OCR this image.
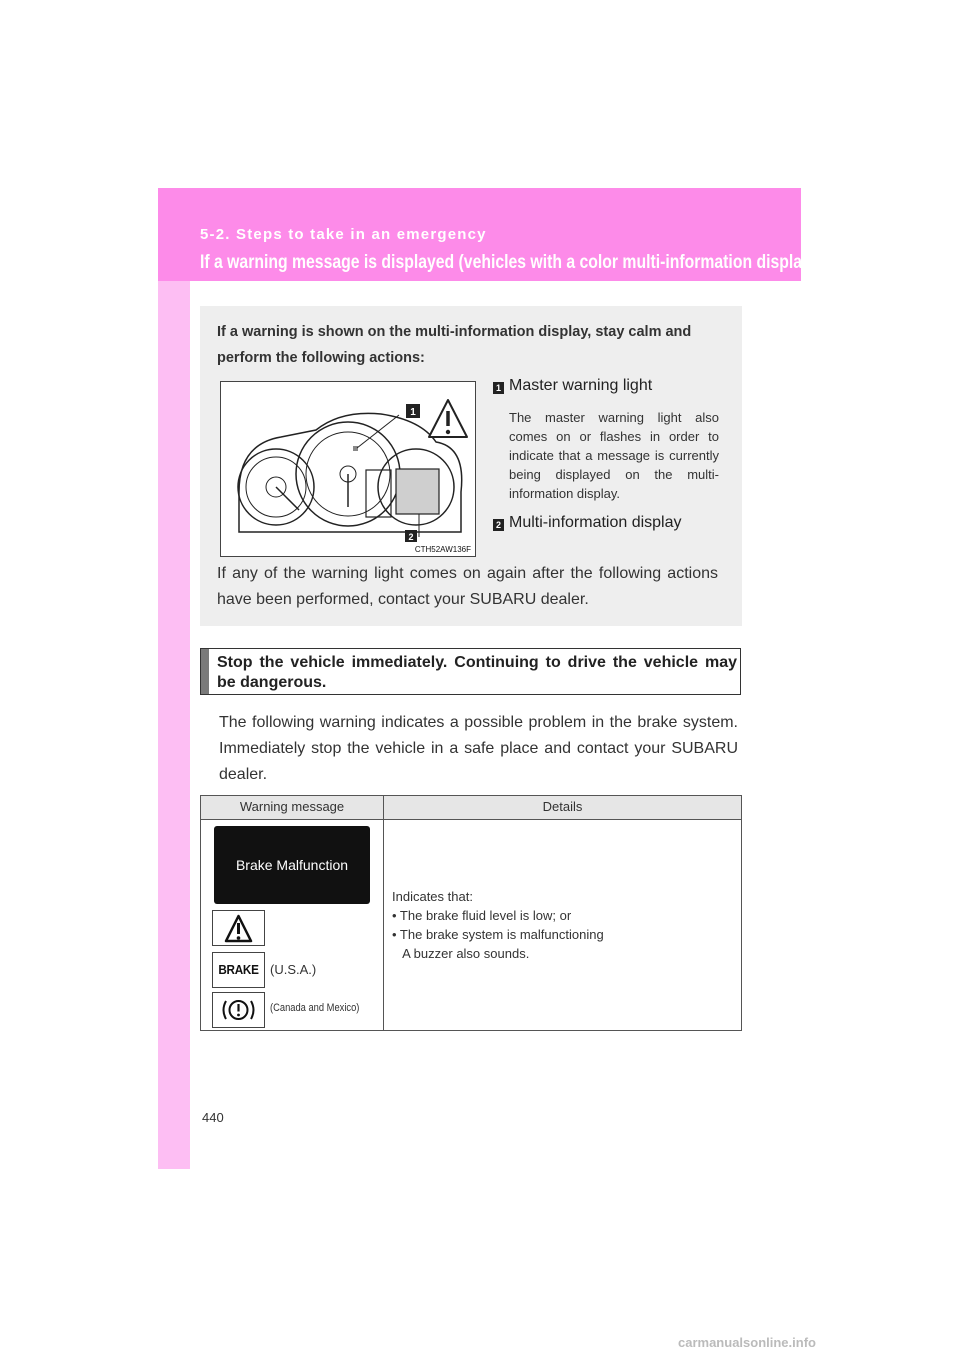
5-2. Steps to take in an emergency
If a warning message is displayed (vehicles with a color multi-information display)
If a warning is shown on the multi-information display, stay calm and perform the following actions:
2
1
CTH52AW136F
1 Master warning light
The master warning light also comes on or flashes in order to indicate that a message is currently being displayed on the multi-information display.
2 Multi-information display
If any of the warning light comes on again after the following actions have been performed, contact your SUBARU dealer.
Stop the vehicle immediately. Continuing to drive the vehicle may be dangerous.
The following warning indicates a possible problem in the brake system. Immediately stop the vehicle in a safe place and contact your SUBARU dealer.
Warning message	Details
Brake Malfunction
BRAKE (U.S.A.)
(Canada and Mexico)
Indicates that:
• The brake fluid level is low; or
• The brake system is malfunctioning
A buzzer also sounds.
440
carmanualsonline.info
